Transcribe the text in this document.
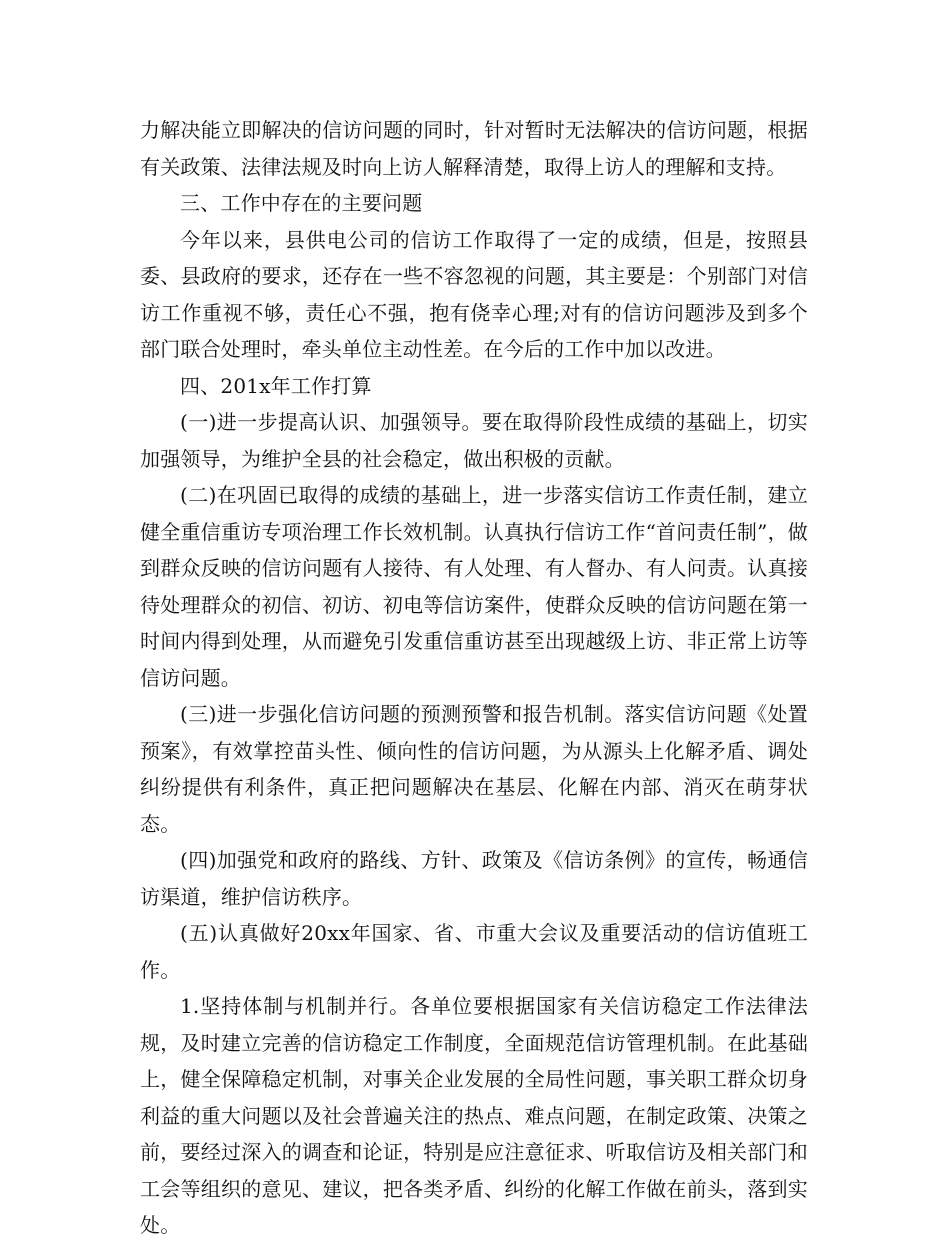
力解决能立即解决的信访问题的同时，针对暂时无法解决的信访问题，根据有关政策、法律法规及时向上访人解释清楚，取得上访人的理解和支持。

三、工作中存在的主要问题

今年以来，县供电公司的信访工作取得了一定的成绩，但是，按照县委、县政府的要求，还存在一些不容忽视的问题，其主要是：个别部门对信访工作重视不够，责任心不强，抱有侥幸心理;对有的信访问题涉及到多个部门联合处理时，牵头单位主动性差。在今后的工作中加以改进。

四、201x年工作打算

(一)进一步提高认识、加强领导。要在取得阶段性成绩的基础上，切实加强领导，为维护全县的社会稳定，做出积极的贡献。

(二)在巩固已取得的成绩的基础上，进一步落实信访工作责任制，建立健全重信重访专项治理工作长效机制。认真执行信访工作“首问责任制”，做到群众反映的信访问题有人接待、有人处理、有人督办、有人问责。认真接待处理群众的初信、初访、初电等信访案件，使群众反映的信访问题在第一时间内得到处理，从而避免引发重信重访甚至出现越级上访、非正常上访等信访问题。

(三)进一步强化信访问题的预测预警和报告机制。落实信访问题《处置预案》，有效掌控苗头性、倾向性的信访问题，为从源头上化解矛盾、调处纠纷提供有利条件，真正把问题解决在基层、化解在内部、消灭在萌芽状态。

(四)加强党和政府的路线、方针、政策及《信访条例》的宣传，畅通信访渠道，维护信访秩序。

(五)认真做好20xx年国家、省、市重大会议及重要活动的信访值班工作。

1.坚持体制与机制并行。各单位要根据国家有关信访稳定工作法律法规，及时建立完善的信访稳定工作制度，全面规范信访管理机制。在此基础上，健全保障稳定机制，对事关企业发展的全局性问题，事关职工群众切身利益的重大问题以及社会普遍关注的热点、难点问题，在制定政策、决策之前，要经过深入的调查和论证，特别是应注意征求、听取信访及相关部门和工会等组织的意见、建议，把各类矛盾、纠纷的化解工作做在前头，落到实处。
